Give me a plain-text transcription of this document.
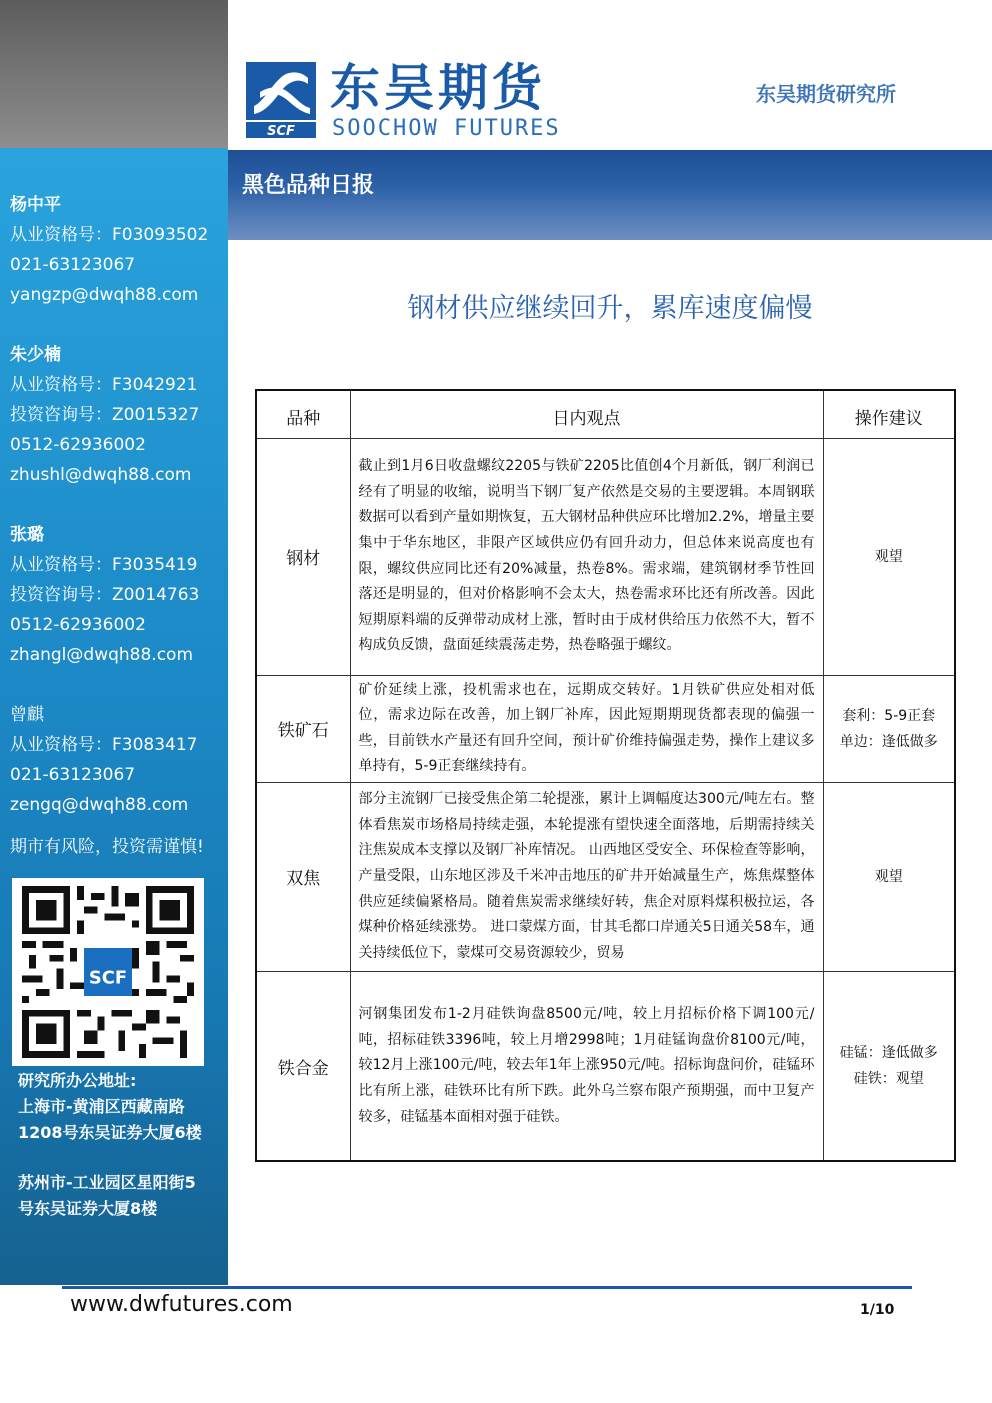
杨中平
从业资格号：F03093502
021-63123067
yangzp@dwqh88.com
朱少楠
从业资格号：F3042921
投资咨询号：Z0015327
0512-62936002
zhushl@dwqh88.com
张璐
从业资格号：F3035419
投资咨询号：Z0014763
0512-62936002
zhangl@dwqh88.com
曾麒
从业资格号：F3083417
021-63123067
zengq@dwqh88.com
期市有风险，投资需谨慎!
SCF
研究所办公地址:
上海市-黄浦区西藏南路
1208号东吴证券大厦6楼
苏州市-工业园区星阳街5
号东吴证券大厦8楼
SCF
东吴期货
SOOCHOW FUTURES
东吴期货研究所
黑色品种日报
钢材供应继续回升，累库速度偏慢
品种	日内观点	操作建议
钢材	截止到1月6日收盘螺纹2205与铁矿2205比值创4个月新低，钢厂利润已经有了明显的收缩，说明当下钢厂复产依然是交易的主要逻辑。本周钢联数据可以看到产量如期恢复，五大钢材品种供应环比增加2.2%，增量主要集中于华东地区，非限产区域供应仍有回升动力，但总体来说高度也有限，螺纹供应同比还有20%减量，热卷8%。需求端，建筑钢材季节性回落还是明显的，但对价格影响不会太大，热卷需求环比还有所改善。因此短期原料端的反弹带动成材上涨，暂时由于成材供给压力依然不大，暂不构成负反馈，盘面延续震荡走势，热卷略强于螺纹。	观望

铁矿石	矿价延续上涨，投机需求也在，远期成交转好。1月铁矿供应处相对低位，需求边际在改善，加上钢厂补库，因此短期期现货都表现的偏强一些，目前铁水产量还有回升空间，预计矿价维持偏强走势，操作上建议多单持有，5-9正套继续持有。	套利：5-9正套
单边：逢低做多

双焦	部分主流钢厂已接受焦企第二轮提涨，累计上调幅度达300元/吨左右。整体看焦炭市场格局持续走强，本轮提涨有望快速全面落地，后期需持续关注焦炭成本支撑以及钢厂补库情况。 山西地区受安全、环保检查等影响，产量受限，山东地区涉及千米冲击地压的矿井开始减量生产，炼焦煤整体供应延续偏紧格局。随着焦炭需求继续好转，焦企对原料煤积极拉运，各煤种价格延续涨势。 进口蒙煤方面，甘其毛都口岸通关5日通关58车，通关持续低位下，蒙煤可交易资源较少，贸易	观望

铁合金	河钢集团发布1-2月硅铁询盘8500元/吨，较上月招标价格下调100元/吨，招标硅铁3396吨，较上月增2998吨；1月硅锰询盘价8100元/吨，较12月上涨100元/吨，较去年1年上涨950元/吨。招标询盘问价，硅锰环比有所上涨，硅铁环比有所下跌。此外乌兰察布限产预期强，而中卫复产较多，硅锰基本面相对强于硅铁。	硅锰：逢低做多
硅铁：观望
www.dwfutures.com	1/10
